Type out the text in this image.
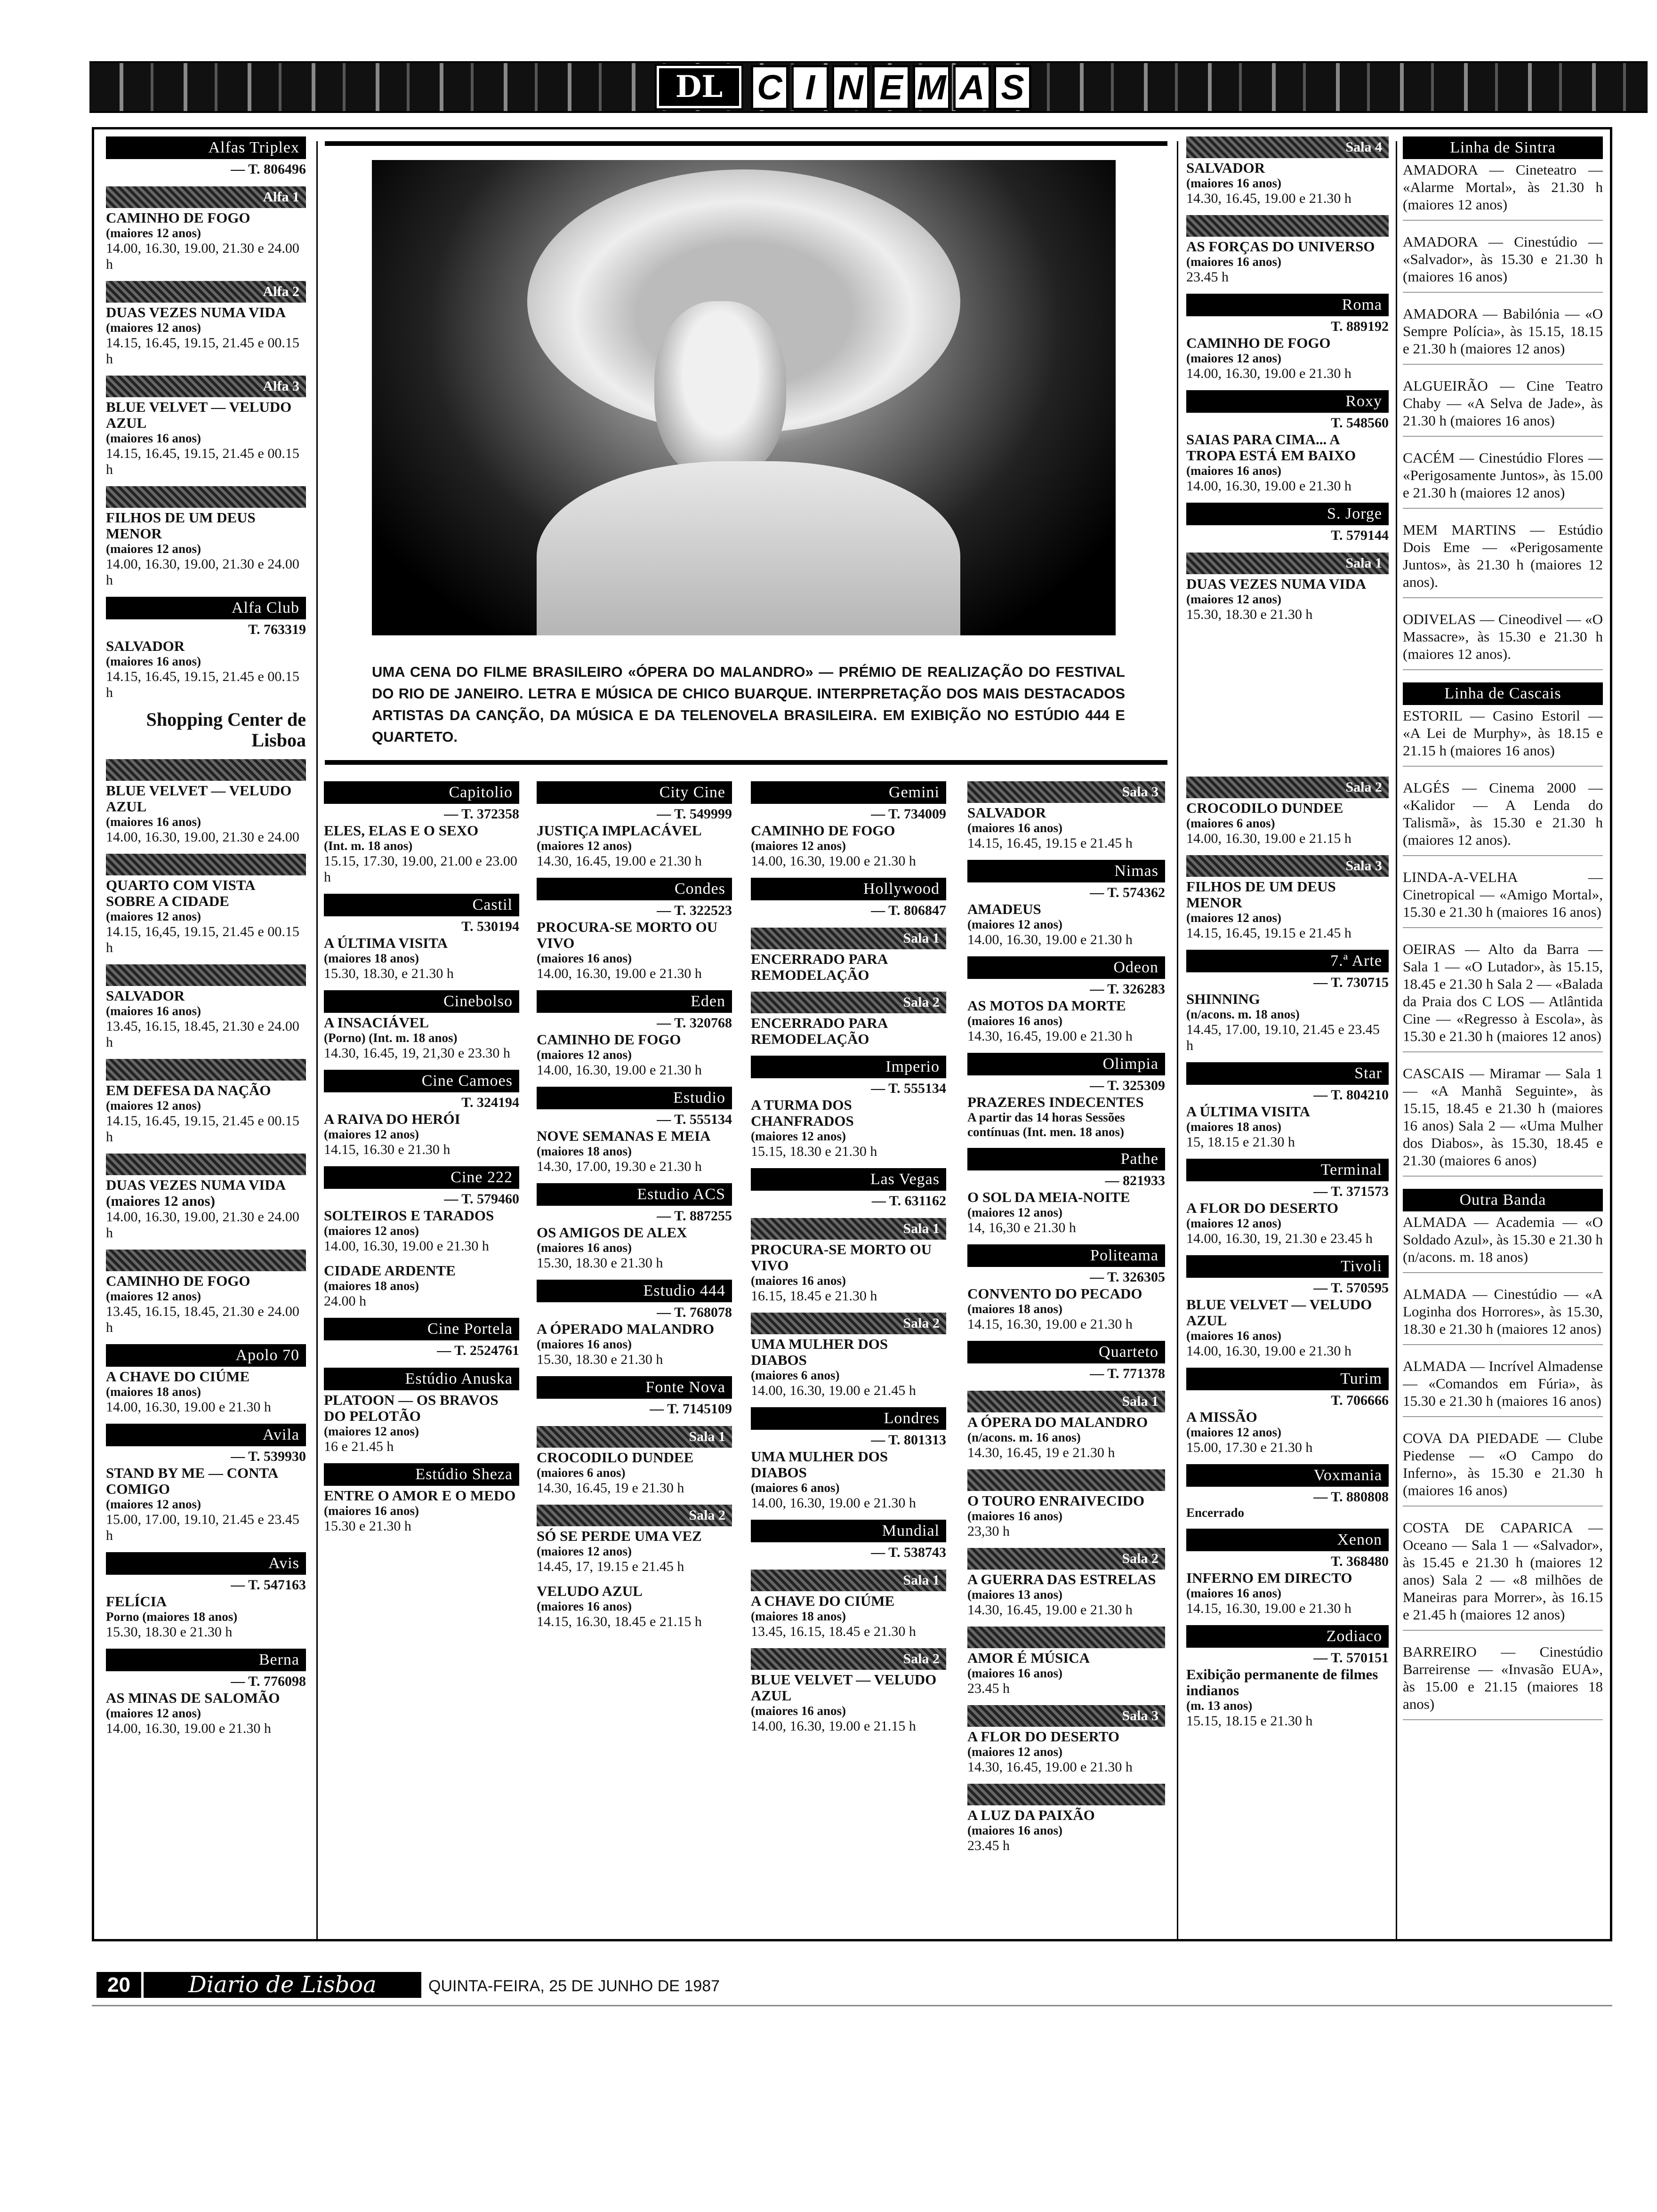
DL C I N E M A S
UMA CENA DO FILME BRASILEIRO «ÓPERA DO MALANDRO» — PRÉMIO DE REALIZAÇÃO DO FESTIVAL DO RIO DE JANEIRO. LETRA E MÚSICA DE CHICO BUARQUE. INTERPRETAÇÃO DOS MAIS DESTACADOS ARTISTAS DA CANÇÃO, DA MÚSICA E DA TELENOVELA BRASILEIRA. EM EXIBIÇÃO NO ESTÚDIO 444 E QUARTETO.
Alfas Triplex
— T. 806496
Alfa 1
CAMINHO DE FOGO
(maiores 12 anos)
14.00, 16.30, 19.00, 21.30 e 24.00 h
Alfa 2
DUAS VEZES NUMA VIDA
(maiores 12 anos)
14.15, 16.45, 19.15, 21.45 e 00.15 h
Alfa 3
BLUE VELVET — VELUDO AZUL
(maiores 16 anos)
14.15, 16.45, 19.15, 21.45 e 00.15 h
FILHOS DE UM DEUS MENOR
(maiores 12 anos)
14.00, 16.30, 19.00, 21.30 e 24.00 h
Alfa Club
T. 763319
SALVADOR
(maiores 16 anos)
14.15, 16.45, 19.15, 21.45 e 00.15 h
Shopping Center de Lisboa
BLUE VELVET — VELUDO AZUL
(maiores 16 anos)
14.00, 16.30, 19.00, 21.30 e 24.00
QUARTO COM VISTA SOBRE A CIDADE
(maiores 12 anos)
14.15, 16,45, 19.15, 21.45 e 00.15 h
SALVADOR
(maiores 16 anos)
13.45, 16.15, 18.45, 21.30 e 24.00 h
EM DEFESA DA NAÇÃO
(maiores 12 anos)
14.15, 16.45, 19.15, 21.45 e 00.15 h
DUAS VEZES NUMA VIDA (maiores 12 anos)
14.00, 16.30, 19.00, 21.30 e 24.00 h
CAMINHO DE FOGO
(maiores 12 anos)
13.45, 16.15, 18.45, 21.30 e 24.00 h
Apolo 70
A CHAVE DO CIÚME
(maiores 18 anos)
14.00, 16.30, 19.00 e 21.30 h
Avila
— T. 539930
STAND BY ME — CONTA COMIGO
(maiores 12 anos)
15.00, 17.00, 19.10, 21.45 e 23.45 h
Avis
— T. 547163
FELÍCIA
Porno (maiores 18 anos)
15.30, 18.30 e 21.30 h
Berna
— T. 776098
AS MINAS DE SALOMÃO
(maiores 12 anos)
14.00, 16.30, 19.00 e 21.30 h
Capitolio
— T. 372358
ELES, ELAS E O SEXO
(Int. m. 18 anos)
15.15, 17.30, 19.00, 21.00 e 23.00 h
Castil
T. 530194
A ÚLTIMA VISITA
(maiores 18 anos)
15.30, 18.30, e 21.30 h
Cinebolso
A INSACIÁVEL
(Porno) (Int. m. 18 anos)
14.30, 16.45, 19, 21,30 e 23.30 h
Cine Camoes
T. 324194
A RAIVA DO HERÓI
(maiores 12 anos)
14.15, 16.30 e 21.30 h
Cine 222
— T. 579460
SOLTEIROS E TARADOS
(maiores 12 anos)
14.00, 16.30, 19.00 e 21.30 h
CIDADE ARDENTE
(maiores 18 anos)
24.00 h
Cine Portela
— T. 2524761
Estúdio Anuska
PLATOON — OS BRAVOS DO PELOTÃO
(maiores 12 anos)
16 e 21.45 h
Estúdio Sheza
ENTRE O AMOR E O MEDO
(maiores 16 anos)
15.30 e 21.30 h
City Cine
— T. 549999
JUSTIÇA IMPLACÁVEL
(maiores 12 anos)
14.30, 16.45, 19.00 e 21.30 h
Condes
— T. 322523
PROCURA-SE MORTO OU VIVO
(maiores 16 anos)
14.00, 16.30, 19.00 e 21.30 h
Eden
— T. 320768
CAMINHO DE FOGO
(maiores 12 anos)
14.00, 16.30, 19.00 e 21.30 h
Estudio
— T. 555134
NOVE SEMANAS E MEIA
(maiores 18 anos)
14.30, 17.00, 19.30 e 21.30 h
Estudio ACS
— T. 887255
OS AMIGOS DE ALEX
(maiores 16 anos)
15.30, 18.30 e 21.30 h
Estudio 444
— T. 768078
A ÓPERADO MALANDRO
(maiores 16 anos)
15.30, 18.30 e 21.30 h
Fonte Nova
— T. 7145109
Sala 1
CROCODILO DUNDEE
(maiores 6 anos)
14.30, 16.45, 19 e 21.30 h
Sala 2
SÓ SE PERDE UMA VEZ
(maiores 12 anos)
14.45, 17, 19.15 e 21.45 h
VELUDO AZUL
(maiores 16 anos)
14.15, 16.30, 18.45 e 21.15 h
Gemini
— T. 734009
CAMINHO DE FOGO
(maiores 12 anos)
14.00, 16.30, 19.00 e 21.30 h
Hollywood
— T. 806847
Sala 1
ENCERRADO PARA REMODELAÇÃO
Sala 2
ENCERRADO PARA REMODELAÇÃO
Imperio
— T. 555134
A TURMA DOS CHANFRADOS
(maiores 12 anos)
15.15, 18.30 e 21.30 h
Las Vegas
— T. 631162
Sala 1
PROCURA-SE MORTO OU VIVO
(maiores 16 anos)
16.15, 18.45 e 21.30 h
Sala 2
UMA MULHER DOS DIABOS
(maiores 6 anos)
14.00, 16.30, 19.00 e 21.45 h
Londres
— T. 801313
UMA MULHER DOS DIABOS
(maiores 6 anos)
14.00, 16.30, 19.00 e 21.30 h
Mundial
— T. 538743
Sala 1
A CHAVE DO CIÚME
(maiores 18 anos)
13.45, 16.15, 18.45 e 21.30 h
Sala 2
BLUE VELVET — VELUDO AZUL
(maiores 16 anos)
14.00, 16.30, 19.00 e 21.15 h
Sala 3
SALVADOR
(maiores 16 anos)
14.15, 16.45, 19.15 e 21.45 h
Nimas
— T. 574362
AMADEUS
(maiores 12 anos)
14.00, 16.30, 19.00 e 21.30 h
Odeon
— T. 326283
AS MOTOS DA MORTE
(maiores 16 anos)
14.30, 16.45, 19.00 e 21.30 h
Olimpia
— T. 325309
PRAZERES INDECENTES
A partir das 14 horas Sessões contínuas (Int. men. 18 anos)
Pathe
— 821933
O SOL DA MEIA-NOITE
(maiores 12 anos)
14, 16,30 e 21.30 h
Politeama
— T. 326305
CONVENTO DO PECADO
(maiores 18 anos)
14.15, 16.30, 19.00 e 21.30 h
Quarteto
— T. 771378
Sala 1
A ÓPERA DO MALANDRO
(n/acons. m. 16 anos)
14.30, 16.45, 19 e 21.30 h
O TOURO ENRAIVECIDO
(maiores 16 anos)
23,30 h
Sala 2
A GUERRA DAS ESTRELAS
(maiores 13 anos)
14.30, 16.45, 19.00 e 21.30 h
AMOR É MÚSICA
(maiores 16 anos)
23.45 h
Sala 3
A FLOR DO DESERTO
(maiores 12 anos)
14.30, 16.45, 19.00 e 21.30 h
A LUZ DA PAIXÃO
(maiores 16 anos)
23.45 h
Sala 4
SALVADOR
(maiores 16 anos)
14.30, 16.45, 19.00 e 21.30 h
AS FORÇAS DO UNIVERSO
(maiores 16 anos)
23.45 h
Roma
T. 889192
CAMINHO DE FOGO
(maiores 12 anos)
14.00, 16.30, 19.00 e 21.30 h
Roxy
T. 548560
SAIAS PARA CIMA... A TROPA ESTÁ EM BAIXO
(maiores 16 anos)
14.00, 16.30, 19.00 e 21.30 h
S. Jorge
T. 579144
Sala 1
DUAS VEZES NUMA VIDA
(maiores 12 anos)
15.30, 18.30 e 21.30 h
Sala 2
CROCODILO DUNDEE
(maiores 6 anos)
14.00, 16.30, 19.00 e 21.15 h
Sala 3
FILHOS DE UM DEUS MENOR
(maiores 12 anos)
14.15, 16.45, 19.15 e 21.45 h
7.ª Arte
— T. 730715
SHINNING
(n/acons. m. 18 anos)
14.45, 17.00, 19.10, 21.45 e 23.45 h
Star
— T. 804210
A ÚLTIMA VISITA
(maiores 18 anos)
15, 18.15 e 21.30 h
Terminal
— T. 371573
A FLOR DO DESERTO
(maiores 12 anos)
14.00, 16.30, 19, 21.30 e 23.45 h
Tivoli
— T. 570595
BLUE VELVET — VELUDO AZUL
(maiores 16 anos)
14.00, 16.30, 19.00 e 21.30 h
Turim
T. 706666
A MISSÃO
(maiores 12 anos)
15.00, 17.30 e 21.30 h
Voxmania
— T. 880808
Encerrado
Xenon
T. 368480
INFERNO EM DIRECTO
(maiores 16 anos)
14.15, 16.30, 19.00 e 21.30 h
Zodiaco
— T. 570151
Exibição permanente de filmes indianos
(m. 13 anos)
15.15, 18.15 e 21.30 h
Linha de Sintra

AMADORA — Cineteatro — «Alarme Mortal», às 21.30 h (maiores 12 anos)

AMADORA — Cinestúdio — «Salvador», às 15.30 e 21.30 h (maiores 16 anos)

AMADORA — Babilónia — «O Sempre Polícia», às 15.15, 18.15 e 21.30 h (maiores 12 anos)

ALGUEIRÃO — Cine Teatro Chaby — «A Selva de Jade», às 21.30 h (maiores 16 anos)

CACÉM — Cinestúdio Flores — «Perigosamente Juntos», às 15.00 e 21.30 h (maiores 12 anos)

MEM MARTINS — Estúdio Dois Eme — «Perigosamente Juntos», às 21.30 h (maiores 12 anos).

ODIVELAS — Cineodivel — «O Massacre», às 15.30 e 21.30 h (maiores 12 anos).

Linha de Cascais

ESTORIL — Casino Estoril — «A Lei de Murphy», às 18.15 e 21.15 h (maiores 16 anos)

ALGÉS — Cinema 2000 — «Kalidor — A Lenda do Talismã», às 15.30 e 21.30 h (maiores 12 anos).

LINDA-A-VELHA — Cinetropical — «Amigo Mortal», 15.30 e 21.30 h (maiores 16 anos)

OEIRAS — Alto da Barra — Sala 1 — «O Lutador», às 15.15, 18.45 e 21.30 h Sala 2 — «Balada da Praia dos C LOS — Atlântida Cine — «Regresso à Escola», às 15.30 e 21.30 h (maiores 12 anos)

CASCAIS — Miramar — Sala 1 — «A Manhã Seguinte», às 15.15, 18.45 e 21.30 h (maiores 16 anos) Sala 2 — «Uma Mulher dos Diabos», às 15.30, 18.45 e 21.30 (maiores 6 anos)

Outra Banda

ALMADA — Academia — «O Soldado Azul», às 15.30 e 21.30 h (n/acons. m. 18 anos)

ALMADA — Cinestúdio — «A Loginha dos Horrores», às 15.30, 18.30 e 21.30 h (maiores 12 anos)

ALMADA — Incrível Almadense — «Comandos em Fúria», às 15.30 e 21.30 h (maiores 16 anos)

COVA DA PIEDADE — Clube Piedense — «O Campo do Inferno», às 15.30 e 21.30 h (maiores 16 anos)

COSTA DE CAPARICA — Oceano — Sala 1 — «Salvador», às 15.45 e 21.30 h (maiores 12 anos) Sala 2 — «8 milhões de Maneiras para Morrer», às 16.15 e 21.45 h (maiores 12 anos)

BARREIRO — Cinestúdio Barreirense — «Invasão EUA», às 15.00 e 21.15 (maiores 18 anos)

20	Diario de Lisboa	QUINTA-FEIRA, 25 DE JUNHO DE 1987
